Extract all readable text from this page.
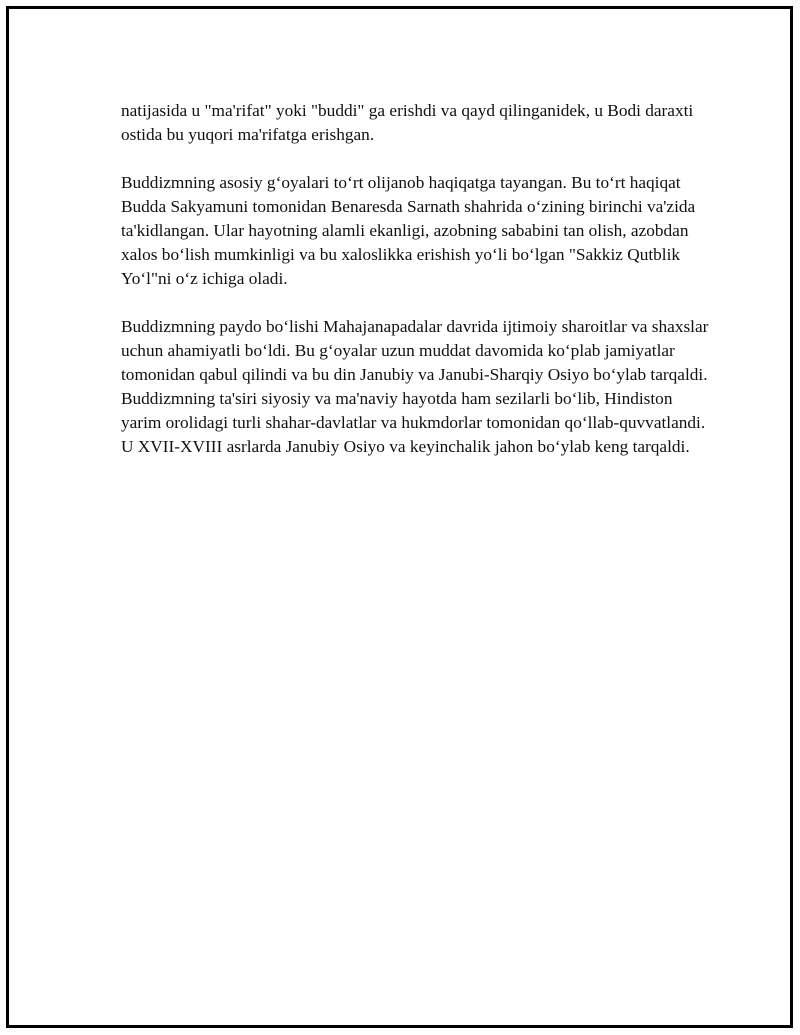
natijasida u "ma'rifat" yoki "buddi" ga erishdi va qayd qilinganidek, u Bodi daraxti ostida bu yuqori ma'rifatga erishgan.

Buddizmning asosiy g‘oyalari to‘rt olijanob haqiqatga tayangan. Bu to‘rt haqiqat Budda Sakyamuni tomonidan Benaresda Sarnath shahrida o‘zining birinchi va'zida ta'kidlangan. Ular hayotning alamli ekanligi, azobning sababini tan olish, azobdan xalos bo‘lish mumkinligi va bu xaloslikka erishish yo‘li bo‘lgan "Sakkiz Qutblik Yo‘l"ni o‘z ichiga oladi.

Buddizmning paydo bo‘lishi Mahajanapadalar davrida ijtimoiy sharoitlar va shaxslar uchun ahamiyatli bo‘ldi. Bu g‘oyalar uzun muddat davomida ko‘plab jamiyatlar tomonidan qabul qilindi va bu din Janubiy va Janubi-Sharqiy Osiyo bo‘ylab tarqaldi. Buddizmning ta'siri siyosiy va ma'naviy hayotda ham sezilarli bo‘lib, Hindiston yarim orolidagi turli shahar-davlatlar va hukmdorlar tomonidan qo‘llab-quvvatlandi. U XVII-XVIII asrlarda Janubiy Osiyo va keyinchalik jahon bo‘ylab keng tarqaldi.
